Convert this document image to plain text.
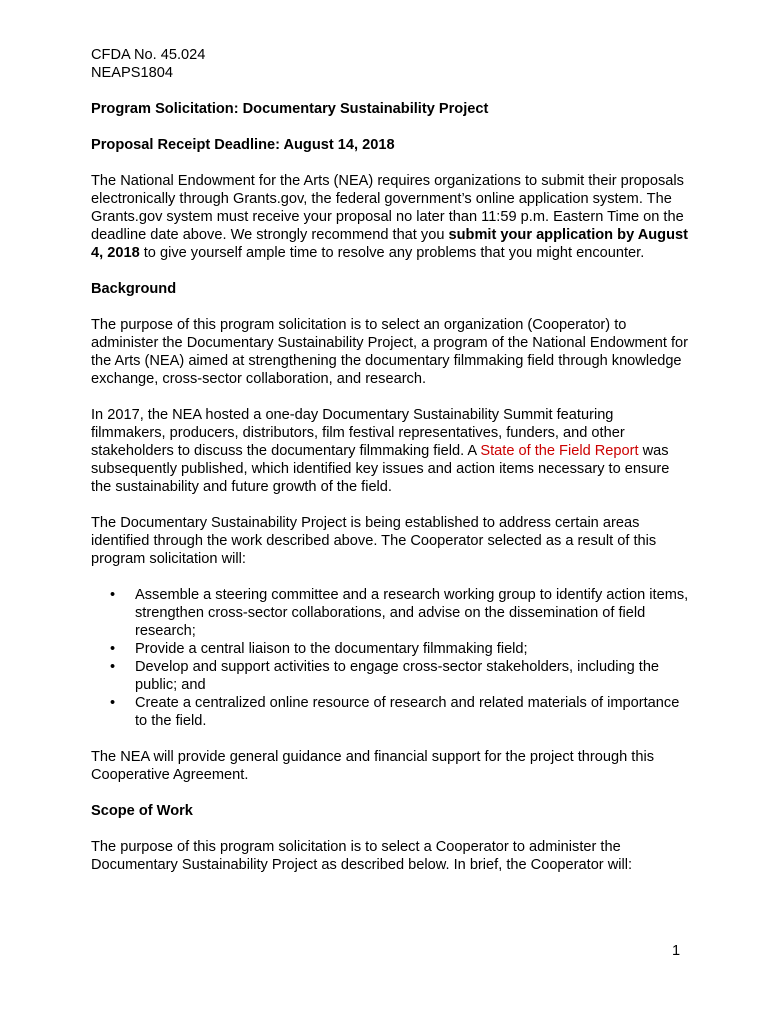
CFDA No. 45.024

NEAPS1804

Program Solicitation: Documentary Sustainability Project

Proposal Receipt Deadline: August 14, 2018

The National Endowment for the Arts (NEA) requires organizations to submit their proposals electronically through Grants.gov, the federal government’s online application system. The Grants.gov system must receive your proposal no later than 11:59 p.m. Eastern Time on the deadline date above. We strongly recommend that you submit your application by August 4, 2018 to give yourself ample time to resolve any problems that you might encounter.

Background

The purpose of this program solicitation is to select an organization (Cooperator) to administer the Documentary Sustainability Project, a program of the National Endowment for the Arts (NEA) aimed at strengthening the documentary filmmaking field through knowledge exchange, cross-sector collaboration, and research.

In 2017, the NEA hosted a one-day Documentary Sustainability Summit featuring filmmakers, producers, distributors, film festival representatives, funders, and other stakeholders to discuss the documentary filmmaking field. A State of the Field Report was subsequently published, which identified key issues and action items necessary to ensure the sustainability and future growth of the field.

The Documentary Sustainability Project is being established to address certain areas identified through the work described above. The Cooperator selected as a result of this program solicitation will:

• Assemble a steering committee and a research working group to identify action items, strengthen cross-sector collaborations, and advise on the dissemination of field research;
• Provide a central liaison to the documentary filmmaking field;
• Develop and support activities to engage cross-sector stakeholders, including the public; and
• Create a centralized online resource of research and related materials of importance to the field.

The NEA will provide general guidance and financial support for the project through this Cooperative Agreement.

Scope of Work

The purpose of this program solicitation is to select a Cooperator to administer the Documentary Sustainability Project as described below. In brief, the Cooperator will:

1
